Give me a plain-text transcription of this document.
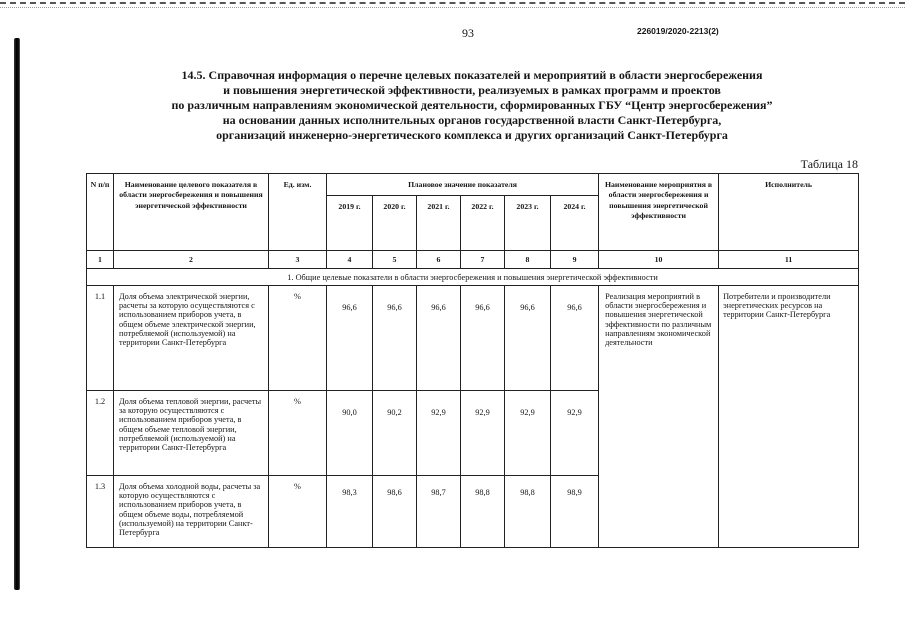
93	226019/2020-2213(2)
14.5. Справочная информация о перечне целевых показателей и мероприятий в области энергосбережения
и повышения энергетической эффективности, реализуемых в рамках программ и проектов
по различным направлениям экономической деятельности, сформированных ГБУ “Центр энергосбережения”
на основании данных исполнительных органов государственной власти Санкт-Петербурга,
организаций инженерно-энергетического комплекса и других организаций Санкт-Петербурга
Таблица 18
N п/п	Наименование целевого показателя в области энергосбережения и повышения энергетической эффективности	Ед. изм.	Плановое значение показателя						Наименование мероприятия в области энергосбережения и повышения энергетической эффективности	Исполнитель
			2019 г.	2020 г.	2021 г.	2022 г.	2023 г.	2024 г.		
1	2	3	4	5	6	7	8	9	10	11
1. Общие целевые показатели в области энергосбережения и повышения энергетической эффективности										
1.1	Доля объема электрической энергии, расчеты за которую осуществляются с использованием приборов учета, в общем объеме электрической энергии, потребляемой (используемой) на территории Санкт-Петербурга	%	96,6	96,6	96,6	96,6	96,6	96,6	Реализация мероприятий в области энергосбережения и повышения энергетической эффективности по различным направлениям экономической деятельности	Потребители и производители энергетических ресурсов на территории Санкт-Петербурга
1.2	Доля объема тепловой энергии, расчеты за которую осуществляются с использованием приборов учета, в общем объеме тепловой энергии, потребляемой (используемой) на территории Санкт-Петербурга	%	90,0	90,2	92,9	92,9	92,9	92,9		
1.3	Доля объема холодной воды, расчеты за которую осуществляются с использованием приборов учета, в общем объеме воды, потребляемой (используемой) на территории Санкт-Петербурга	%	98,3	98,6	98,7	98,8	98,8	98,9		
